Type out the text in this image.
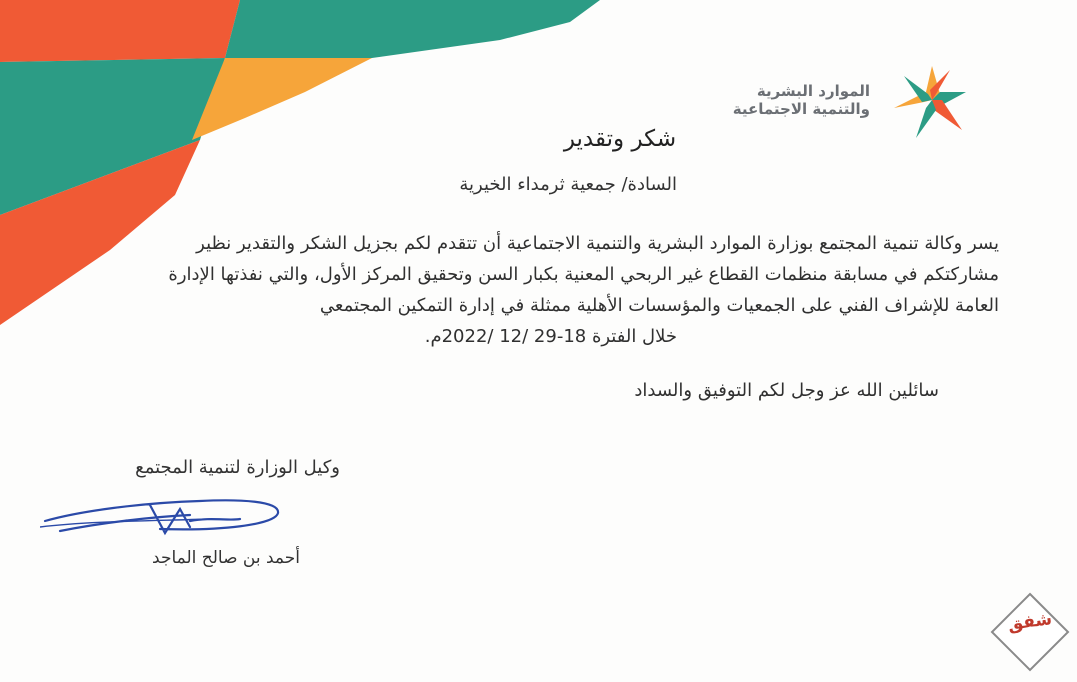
الموارد البشرية
والتنمية الاجتماعية
شكر وتقدير
السادة/ جمعية ثرمداء الخيرية
يسر وكالة تنمية المجتمع بوزارة الموارد البشرية والتنمية الاجتماعية أن تتقدم لكم بجزيل الشكر والتقدير نظير
مشاركتكم في مسابقة منظمات القطاع غير الربحي المعنية بكبار السن وتحقيق المركز الأول، والتي نفذتها الإدارة
العامة للإشراف الفني على الجمعيات والمؤسسات الأهلية ممثلة في إدارة التمكين المجتمعي
خلال الفترة 18-29 /12 /2022م.
سائلين الله عز وجل لكم التوفيق والسداد
وكيل الوزارة لتنمية المجتمع
أحمد بن صالح الماجد
شفق
